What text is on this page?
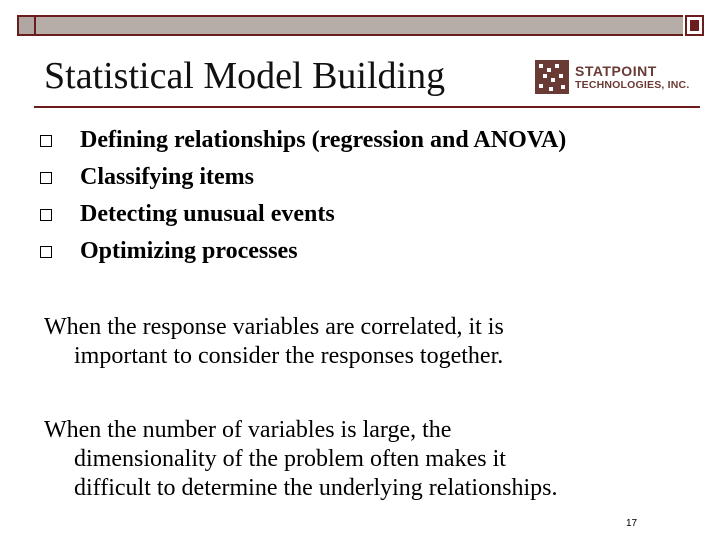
Statistical Model Building	STATPOINT
TECHNOLOGIES, INC.
Defining relationships (regression and ANOVA)
Classifying items
Detecting unusual events
Optimizing processes
When the response variables are correlated, it is
important to consider the responses together.
When the number of variables is large, the
dimensionality of the problem often makes it
difficult to determine the underlying relationships.
17
